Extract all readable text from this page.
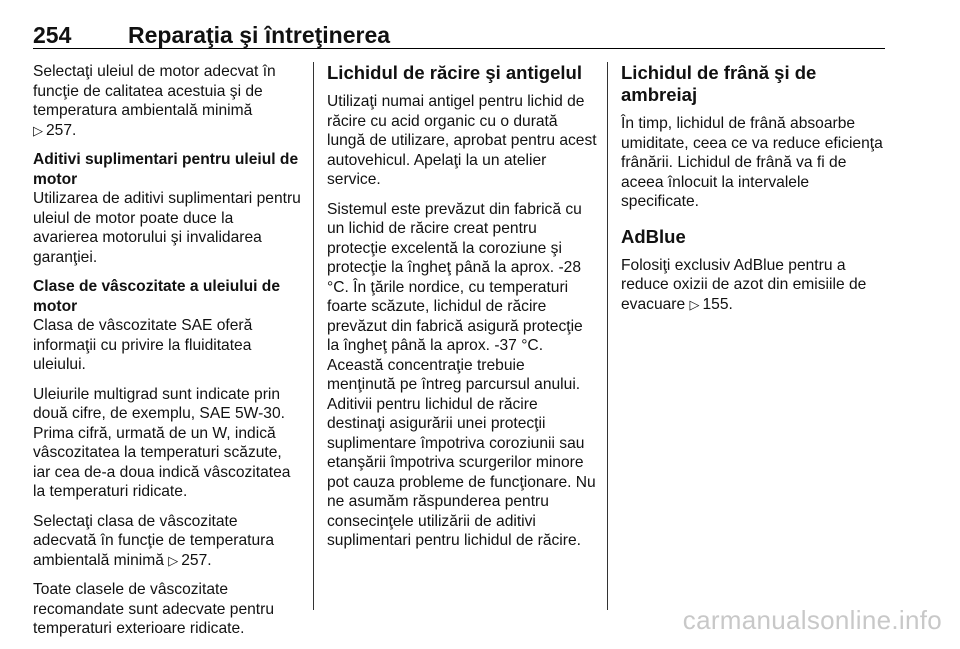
254 Reparaţia şi întreţinerea

Selectaţi uleiul de motor adecvat în funcţie de calitatea acestuia şi de temperatura ambientală minimă
▷ 257.

Aditivi suplimentari pentru uleiul de motor

Utilizarea de aditivi suplimentari pentru uleiul de motor poate duce la avarierea motorului şi invalidarea garanţiei.

Clase de vâscozitate a uleiului de motor

Clasa de vâscozitate SAE oferă informaţii cu privire la fluiditatea uleiului.

Uleiurile multigrad sunt indicate prin două cifre, de exemplu, SAE 5W-30. Prima cifră, urmată de un W, indică vâscozitatea la temperaturi scăzute, iar cea de-a doua indică vâscozitatea la temperaturi ridicate.

Selectaţi clasa de vâscozitate adecvată în funcţie de temperatura ambientală minimă ▷ 257.

Toate clasele de vâscozitate recomandate sunt adecvate pentru temperaturi exterioare ridicate.

Lichidul de răcire şi antigelul

Utilizaţi numai antigel pentru lichid de răcire cu acid organic cu o durată lungă de utilizare, aprobat pentru acest autovehicul. Apelaţi la un atelier service.

Sistemul este prevăzut din fabrică cu un lichid de răcire creat pentru protecţie excelentă la coroziune şi protecţie la îngheţ până la aprox. -28 °C. În ţările nordice, cu temperaturi foarte scăzute, lichidul de răcire prevăzut din fabrică asigură protecţie la îngheţ până la aprox. -37 °C. Această concentraţie trebuie menţinută pe întreg parcursul anului. Aditivii pentru lichidul de răcire destinaţi asigurării unei protecţii suplimentare împotriva coroziunii sau etanşării împotriva scurgerilor minore pot cauza probleme de funcţionare. Nu ne asumăm răspunderea pentru consecinţele utilizării de aditivi suplimentari pentru lichidul de răcire.

Lichidul de frână şi de ambreiaj

În timp, lichidul de frână absoarbe umiditate, ceea ce va reduce eficienţa frânării. Lichidul de frână va fi de aceea înlocuit la intervalele specificate.

AdBlue

Folosiţi exclusiv AdBlue pentru a reduce oxizii de azot din emisiile de evacuare ▷ 155.

carmanualsonline.info
